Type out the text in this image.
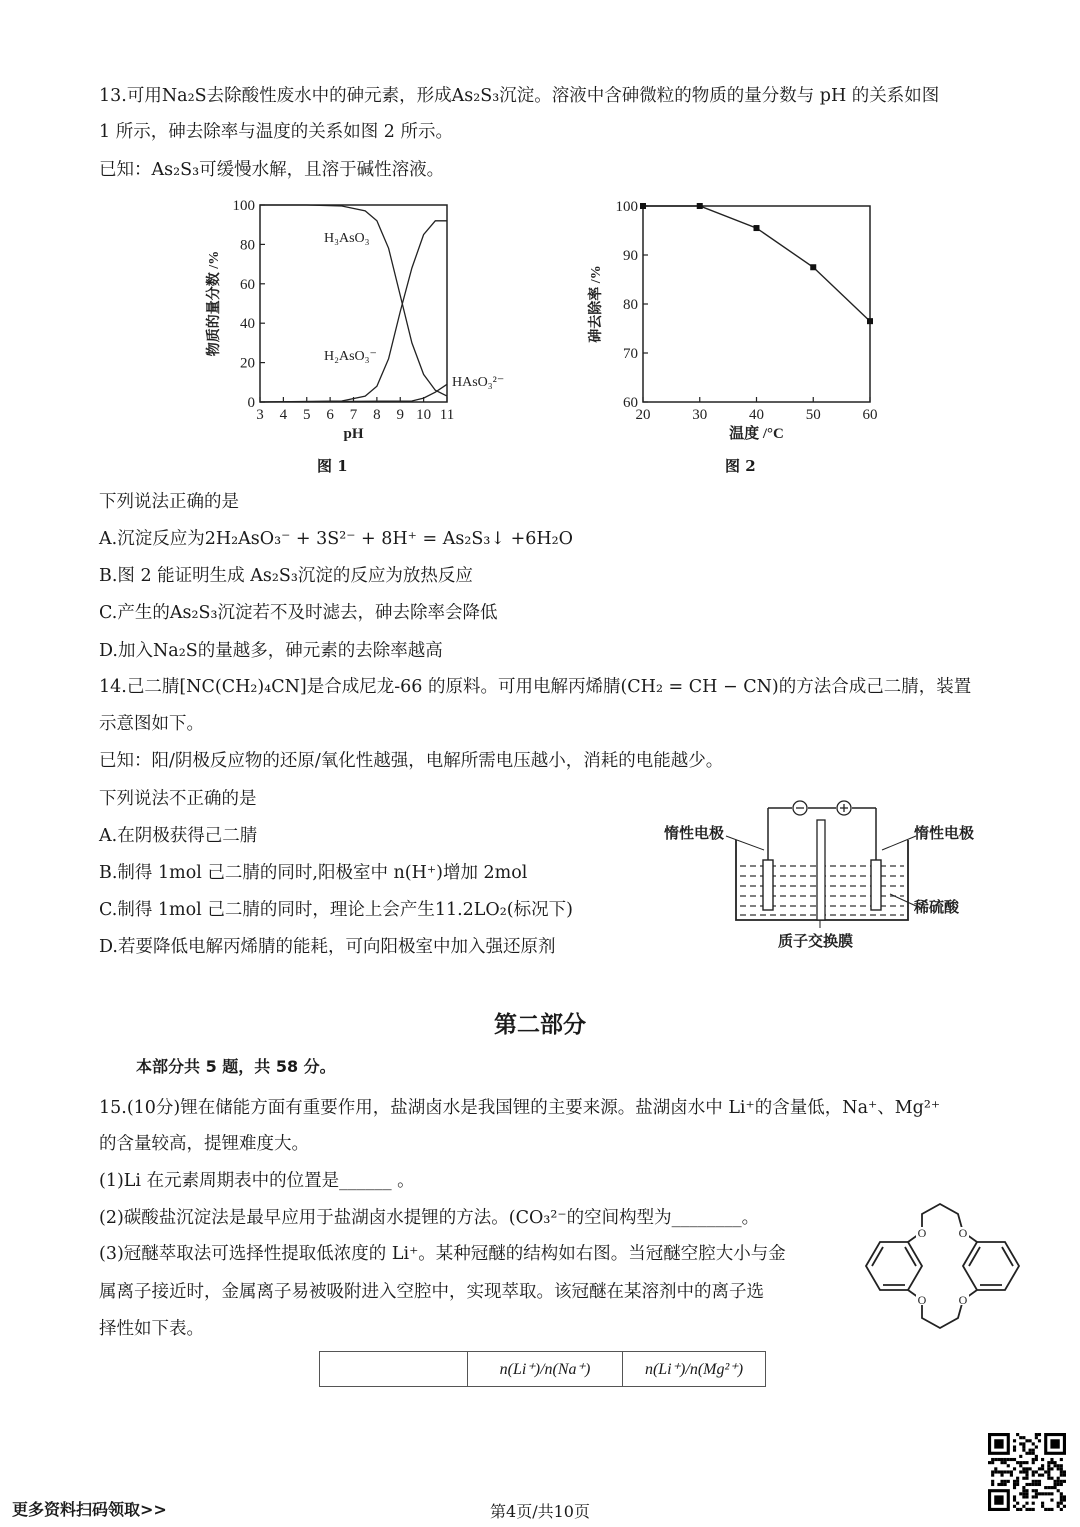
13.可用Na₂S去除酸性废水中的砷元素，形成As₂S₃沉淀。溶液中含砷微粒的物质的量分数与 pH 的关系如图
1 所示，砷去除率与温度的关系如图 2 所示。
已知：As₂S₃可缓慢水解，且溶于碱性溶液。
3 4 5 6 7 8 9 10 11
0
20
40
60
80
100
pH
物质的量分数 /%
H₃AsO₃
H₂AsO₃⁻
HAsO₃²⁻
图 1
20	30	40	50	60
60
70
80
90
100
温度 /°C
砷去除率 /%
图 2
下列说法正确的是
A.沉淀反应为2H₂AsO₃⁻ + 3S²⁻ + 8H⁺ = As₂S₃↓ +6H₂O
B.图 2 能证明生成 As₂S₃沉淀的反应为放热反应
C.产生的As₂S₃沉淀若不及时滤去，砷去除率会降低
D.加入Na₂S的量越多，砷元素的去除率越高
14.己二腈[NC(CH₂)₄CN]是合成尼龙-66 的原料。可用电解丙烯腈(CH₂ = CH − CN)的方法合成己二腈，装置
示意图如下。
已知：阳/阴极反应物的还原/氧化性越强，电解所需电压越小，消耗的电能越少。
下列说法不正确的是
A.在阴极获得己二腈
B.制得 1mol 己二腈的同时,阳极室中 n(H⁺)增加 2mol
C.制得 1mol 己二腈的同时，理论上会产生11.2LO₂(标况下)
D.若要降低电解丙烯腈的能耗，可向阳极室中加入强还原剂
惰性电极	惰性电极
稀硫酸
质子交换膜
第二部分
本部分共 5 题，共 58 分。
15.(10分)锂在储能方面有重要作用，盐湖卤水是我国锂的主要来源。盐湖卤水中 Li⁺的含量低，Na⁺、Mg²⁺
的含量较高，提锂难度大。
(1)Li 在元素周期表中的位置是______ 。
(2)碳酸盐沉淀法是最早应用于盐湖卤水提锂的方法。(CO₃²⁻的空间构型为________。
(3)冠醚萃取法可选择性提取低浓度的 Li⁺。某种冠醚的结构如右图。当冠醚空腔大小与金
属离子接近时，金属离子易被吸附进入空腔中，实现萃取。该冠醚在某溶剂中的离子选
择性如下表。
O	O
O	O
	n(Li⁺)/n(Na⁺)	n(Li⁺)/n(Mg²⁺)
更多资料扫码领取>>	第4页/共10页
